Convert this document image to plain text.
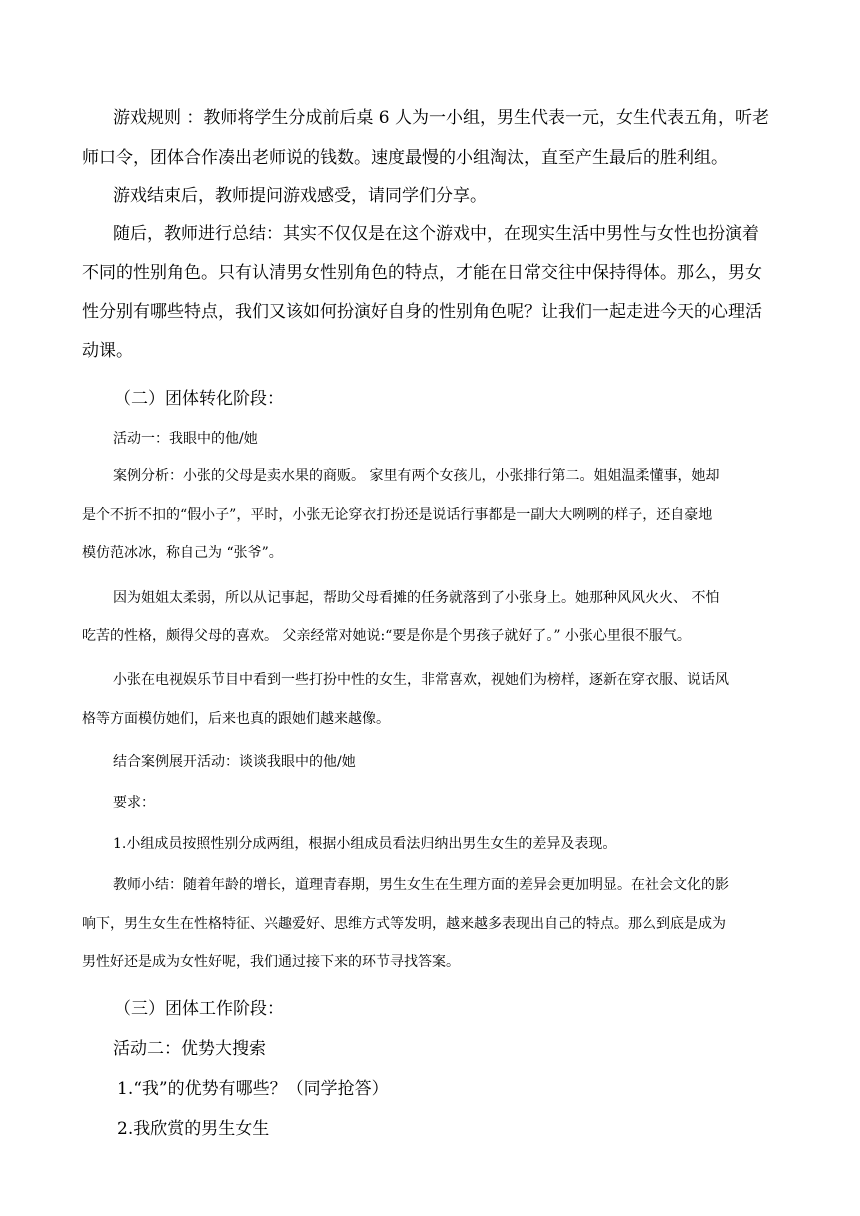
游戏规则 ：教师将学生分成前后桌 6 人为一小组，男生代表一元，女生代表五角，听老

师口令，团体合作凑出老师说的钱数。速度最慢的小组淘汰，直至产生最后的胜利组。

游戏结束后，教师提问游戏感受，请同学们分享。

随后，教师进行总结：其实不仅仅是在这个游戏中，在现实生活中男性与女性也扮演着

不同的性别角色。只有认清男女性别角色的特点，才能在日常交往中保持得体。那么，男女

性分别有哪些特点，我们又该如何扮演好自身的性别角色呢？让我们一起走进今天的心理活

动课。

（二）团体转化阶段：

活动一：我眼中的他/她

案例分析：小张的父母是卖水果的商贩。 家里有两个女孩儿，小张排行第二。姐姐温柔懂事，她却

是个不折不扣的“假小子”，平时，小张无论穿衣打扮还是说话行事都是一副大大咧咧的样子，还自豪地

模仿范冰冰，称自己为 “张爷”。

因为姐姐太柔弱，所以从记事起，帮助父母看摊的任务就落到了小张身上。她那种风风火火、 不怕

吃苦的性格，颇得父母的喜欢。 父亲经常对她说:“要是你是个男孩子就好了。” 小张心里很不服气。

小张在电视娱乐节目中看到一些打扮中性的女生，非常喜欢，视她们为榜样，逐新在穿衣服、说话风

格等方面模仿她们，后来也真的跟她们越来越像。

结合案例展开活动：谈谈我眼中的他/她

要求：

1.小组成员按照性别分成两组，根据小组成员看法归纳出男生女生的差异及表现。

教师小结：随着年龄的增长，道理青春期，男生女生在生理方面的差异会更加明显。在社会文化的影

响下，男生女生在性格特征、兴趣爱好、思维方式等发明，越来越多表现出自己的特点。那么到底是成为

男性好还是成为女性好呢，我们通过接下来的环节寻找答案。

（三）团体工作阶段：

活动二：优势大搜索

1.“我”的优势有哪些？（同学抢答）

2.我欣赏的男生女生
